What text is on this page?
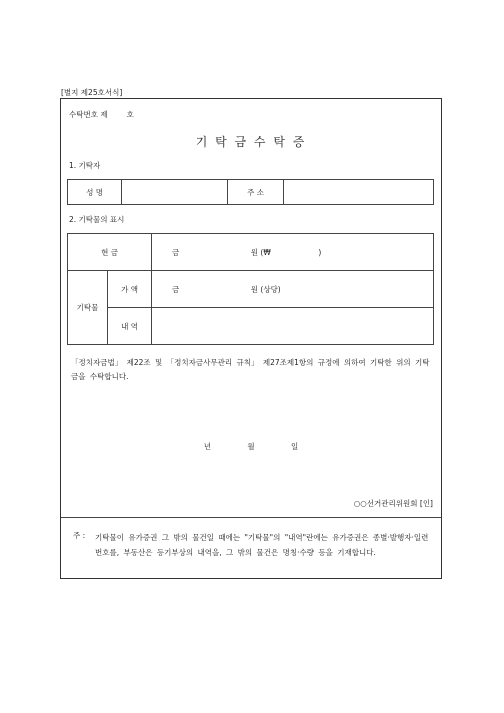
[별지 제25호서식]
수탁번호 제        호
기 탁 금 수 탁 증
1. 기탁자
성 명		주 소	
2. 기탁물의 표시
현 금		금                              원 (₩                    )
기탁물	가 액	금                              원 (상당)
	내 역	
「정치자금법」 제22조 및 「정치자금사무관리 규칙」 제27조제1항의 규정에 의하여 기탁한 위의 기탁금을 수탁합니다.
년	월	일
○○선거관리위원회 [인]
주 : 기탁물이 유가증권 그 밖의 물건일 때에는 "기탁물"의 "내역"란에는 유가증권은 종별·발행자·일련번호를, 부동산은 등기부상의 내역을, 그 밖의 물건은 명칭·수량 등을 기재합니다.
